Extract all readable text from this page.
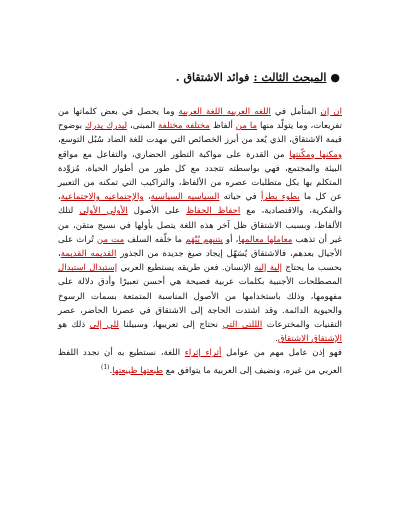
●
المبحث الثالث :
فوائد الاشتقاق .

ان إن المتأمل في اللغه العربيه اللغة العربية وما يحصل في بعض كلماتها من تفريعات، وما يتولّد منها ما من ألفاظ مختلفه مختلفة المبنى، ليدرك يدرك بوضوح قيمة الاشتقاق، الذي يُعد من أبرز الخصائص التي مهدت للغة الضاد سُبُل التوسع، ومكنها ومكّنتها من القدرة على مواكبة التطور الحضاري، والتفاعل مع مواقع البيئة والمجتمع، فهي بواسطته تتجدد مع كل طور من أطوار الحياة، مُزوِّدة المتكلم بها بكل متطلبات عصره من الألفاظ، والتراكيب التي تمكنه من التعبير عن كل ما بطوء يطرأ في حياته السياسيه السياسية، والإجتماعيه والاجتماعية، والفكرية، والاقتصادية، مع احفاظ الحفاظ على الأصول الأولي الأولى لتلك الألفاظ، وبسبب الاشتقاق ظل آخر هذه اللغة يتصل بأولها في نسيج متقن، من غير أن تذهب معاملها معالمها، أو يتنبهم يُبْهَم ما خلّفه السلف مت من تُراث على الأجيال بعدهم، فالاشتقاق يُسَهّل إيجاد صيغ جديدة من الجذور القديمه القديمة، بحسب ما يحتاج إلية إليه الإنسان. فعن طريقه يستطيع العربي إستبدال استبدال المصطلحات الأجنبية بكلمات عربية فصيحة هي أحسن تعبيرًا وأدق دلالة على مفهومها، وذلك باستخدامها من الأصول المناسبة المتمتعة بسمات الرسوخ والحيوية الدائمة. وقد اشتدت الحاجة إلى الاشتقاق في عصرنا الحاضر، عصر التقنيات والمخترعات الللتى التي نحتاج إلى تعريبها، وسبيلنا للي إلى ذلك هو الإشتقاق الاشتقاق.

فهو إذن عامل مهم من عوامل أثراء إثراء اللغة، نستطيع به أن نجدد اللفظ العربي من غيره، ونضيف إلى العربية ما يتوافق مع طبعتها طبيعتها.$^{(1)}$
